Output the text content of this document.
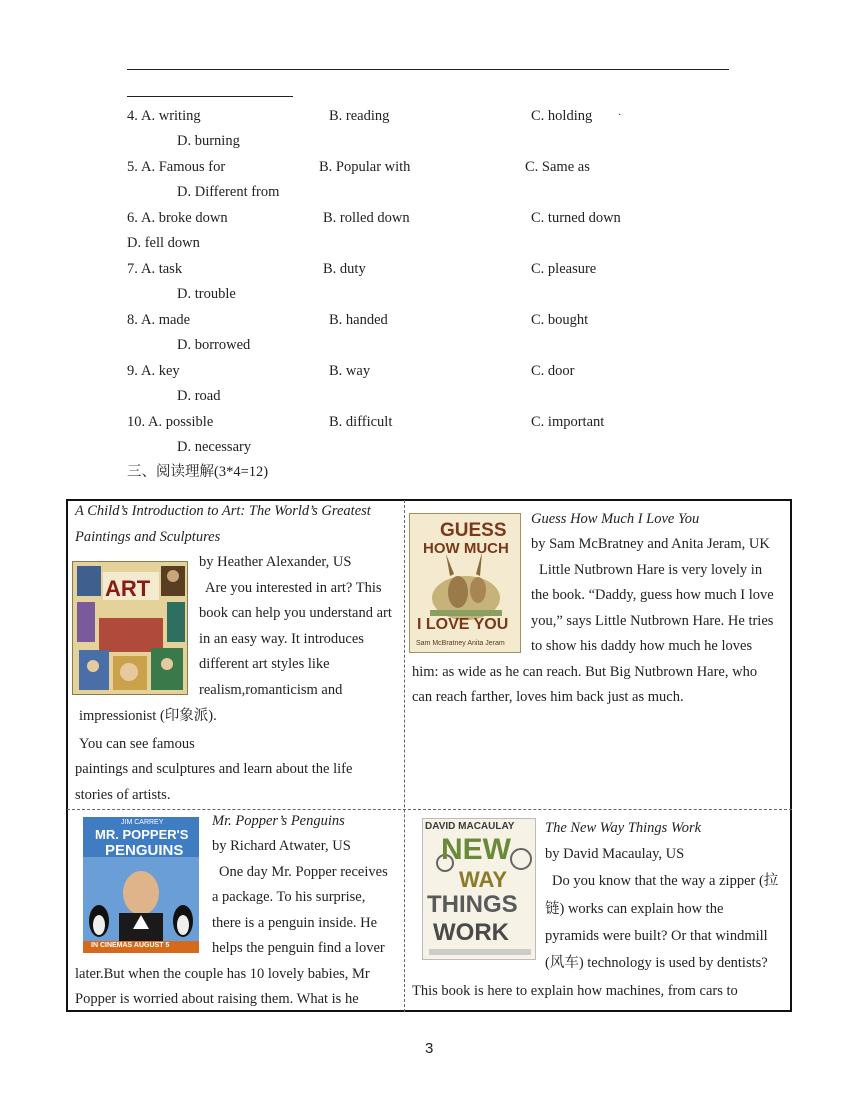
·
4. A. writing	B. reading	C. holding
D. burning
5. A. Famous for	B. Popular with	C. Same as
D. Different from
6. A. broke down	B. rolled down	C. turned down
D. fell down
7. A. task	B. duty	C. pleasure
D. trouble
8. A. made	B. handed	C. bought
D. borrowed
9. A. key	B. way	C. door
D. road
10. A. possible	B. difficult	C. important
D. necessary
三、阅读理解(3*4=12)
A Child’s Introduction to Art: The World’s Greatest
Paintings and Sculptures
by Heather Alexander, US
Are you interested in art? This
book can help you understand art
in an easy way. It introduces
different art styles like
realism,romanticism and
impressionist (印象派).
You can see famous
paintings and sculptures and learn about the life
stories of artists.
ART
Guess How Much I Love You
by Sam McBratney and Anita Jeram, UK
Little Nutbrown Hare is very lovely in
the book. “Daddy, guess how much I love
you,” says Little Nutbrown Hare. He tries
to show his daddy how much he loves
him: as wide as he can reach. But Big Nutbrown Hare, who
can reach farther, loves him back just as much.
GUESS
HOW MUCH
I LOVE YOU
Sam McBratney Anita Jeram
Mr. Popper’s Penguins
by Richard Atwater, US
One day Mr. Popper receives
a package. To his surprise,
there is a penguin inside. He
helps the penguin find a lover
later.But when the couple has 10 lovely babies, Mr
Popper is worried about raising them. What is he
JIM CARREY
MR. POPPER'S
PENGUINS
IN CINEMAS AUGUST 5
The New Way Things Work
by David Macaulay, US
Do you know that the way a zipper (拉
链) works can explain how the
pyramids were built? Or that windmill
(风车) technology is used by dentists?
This book is here to explain how machines, from cars to
DAVID MACAULAY
NEW
WAY
THINGS
WORK
3
